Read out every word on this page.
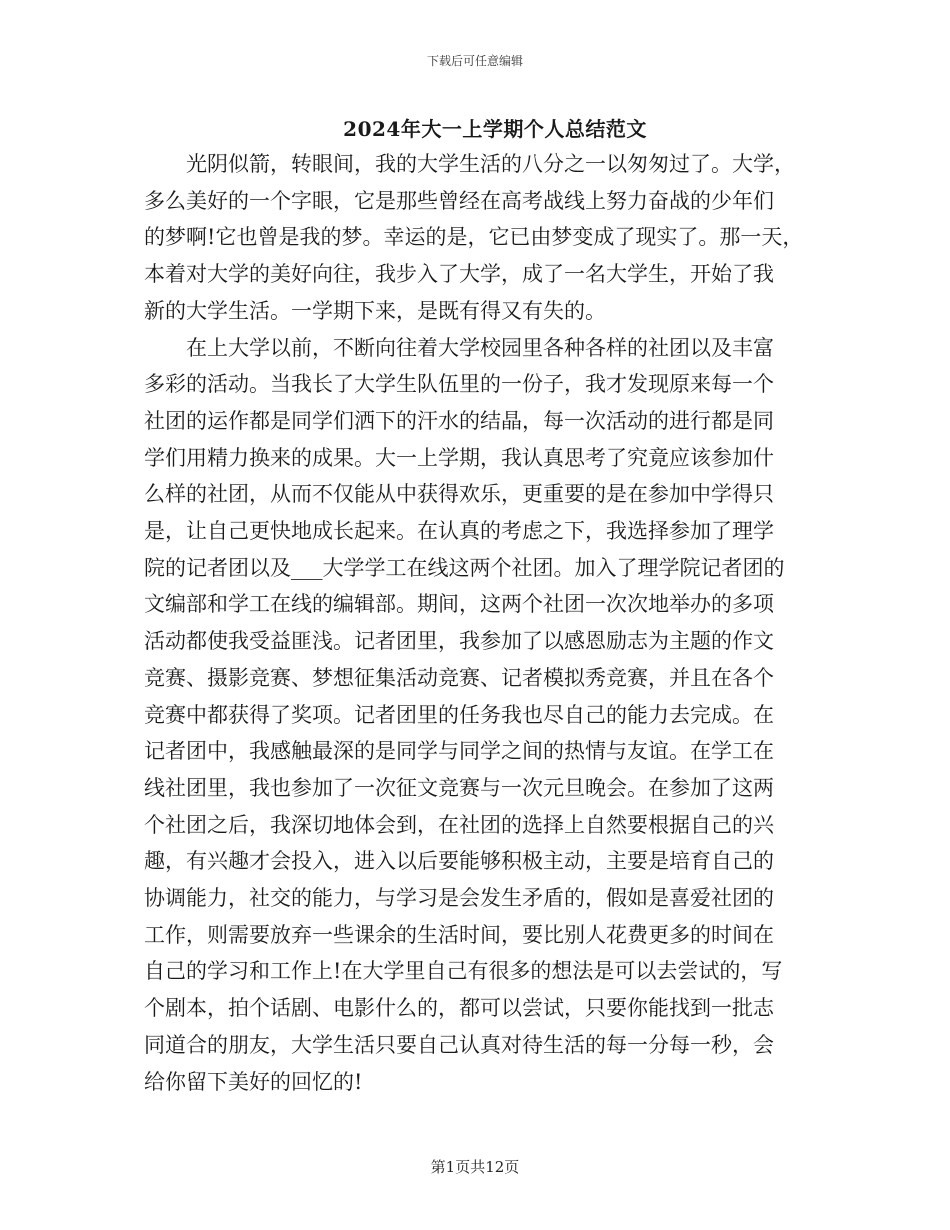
下载后可任意编辑
2024年大一上学期个人总结范文
光阴似箭，转眼间，我的大学生活的八分之一以匆匆过了。大学，
多么美好的一个字眼，它是那些曾经在高考战线上努力奋战的少年们
的梦啊!它也曾是我的梦。幸运的是，它已由梦变成了现实了。那一天，
本着对大学的美好向往，我步入了大学，成了一名大学生，开始了我
新的大学生活。一学期下来，是既有得又有失的。
在上大学以前，不断向往着大学校园里各种各样的社团以及丰富
多彩的活动。当我长了大学生队伍里的一份子，我才发现原来每一个
社团的运作都是同学们洒下的汗水的结晶，每一次活动的进行都是同
学们用精力换来的成果。大一上学期，我认真思考了究竟应该参加什
么样的社团，从而不仅能从中获得欢乐，更重要的是在参加中学得只
是，让自己更快地成长起来。在认真的考虑之下，我选择参加了理学
院的记者团以及___大学学工在线这两个社团。加入了理学院记者团的
文编部和学工在线的编辑部。期间，这两个社团一次次地举办的多项
活动都使我受益匪浅。记者团里，我参加了以感恩励志为主题的作文
竞赛、摄影竞赛、梦想征集活动竞赛、记者模拟秀竞赛，并且在各个
竞赛中都获得了奖项。记者团里的任务我也尽自己的能力去完成。在
记者团中，我感触最深的是同学与同学之间的热情与友谊。在学工在
线社团里，我也参加了一次征文竞赛与一次元旦晚会。在参加了这两
个社团之后，我深切地体会到，在社团的选择上自然要根据自己的兴
趣，有兴趣才会投入，进入以后要能够积极主动，主要是培育自己的
协调能力，社交的能力，与学习是会发生矛盾的，假如是喜爱社团的
工作，则需要放弃一些课余的生活时间，要比别人花费更多的时间在
自己的学习和工作上!在大学里自己有很多的想法是可以去尝试的，写
个剧本，拍个话剧、电影什么的，都可以尝试，只要你能找到一批志
同道合的朋友，大学生活只要自己认真对待生活的每一分每一秒，会
给你留下美好的回忆的!
第1页共12页
